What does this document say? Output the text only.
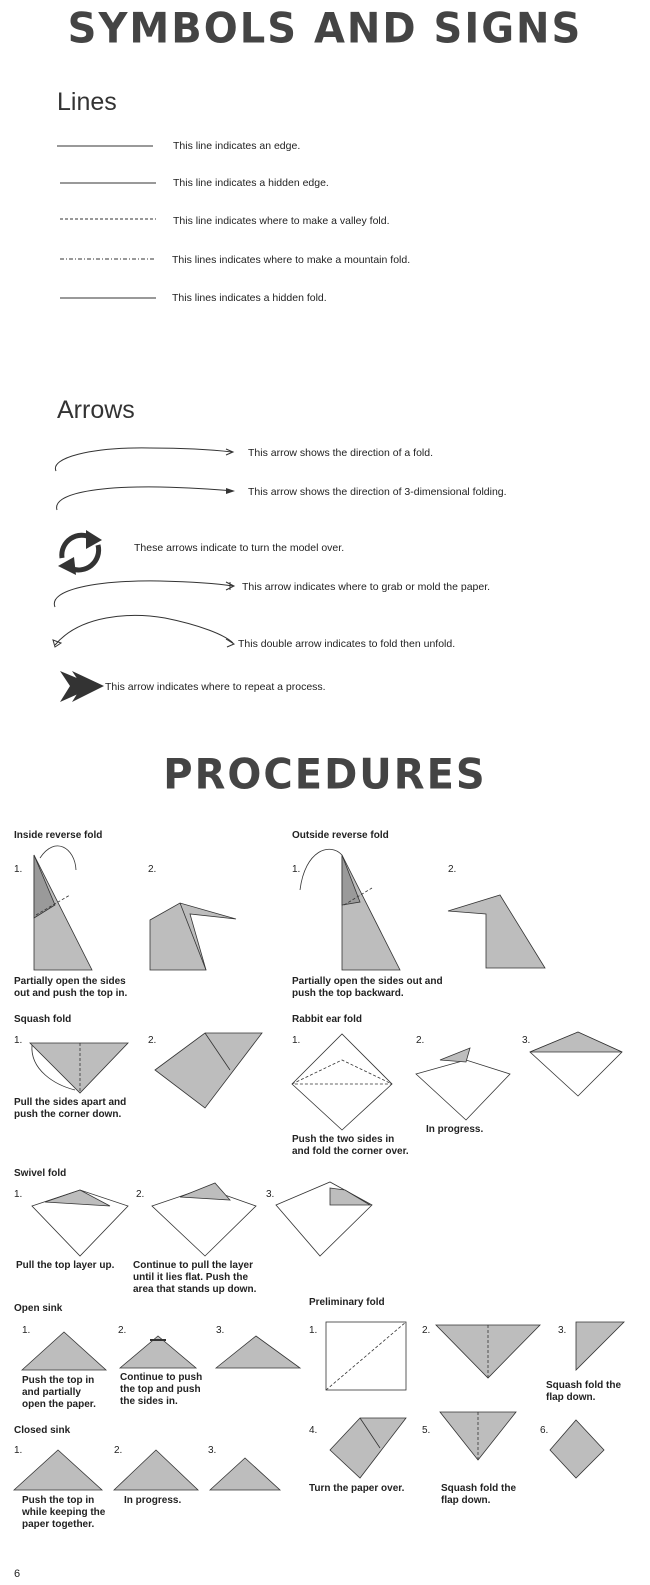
SYMBOLS AND SIGNS
Lines
This line indicates an edge.
This line indicates a hidden edge.
This line indicates where to make a valley fold.
This lines indicates where to make a mountain fold.
This lines indicates a hidden fold.
Arrows
This arrow shows the direction of a fold.
This arrow shows the direction of 3-dimensional folding.
These arrows indicate to turn the model over.
This arrow indicates where to grab or mold the paper.
This double arrow indicates to fold then unfold.
This arrow indicates where to repeat a process.
PROCEDURES
Inside reverse fold
1.	2.
Partially open the sides
out and push the top in.
Outside reverse fold
1.	2.
Partially open the sides out and
push the top backward.
Squash fold
1.	2.
Pull the sides apart and
push the corner down.
Rabbit ear fold
1.	2.	3.
Push the two sides in
and fold the corner over.
In progress.
Swivel fold
1.	2.	3.
Pull the top layer up. Continue to pull the layer
until it lies flat. Push the
area that stands up down.
Open sink
1.	2.	3.
Push the top in
and partially
open the paper.
Continue to push
the top and push
the sides in.
Preliminary fold
1.	2.	3.
4.	5.	6.
Squash fold the
flap down.
Turn the paper over.	Squash fold the
flap down.
Closed sink
1.	2.	3.
Push the top in
while keeping the
paper together.
In progress.
6
